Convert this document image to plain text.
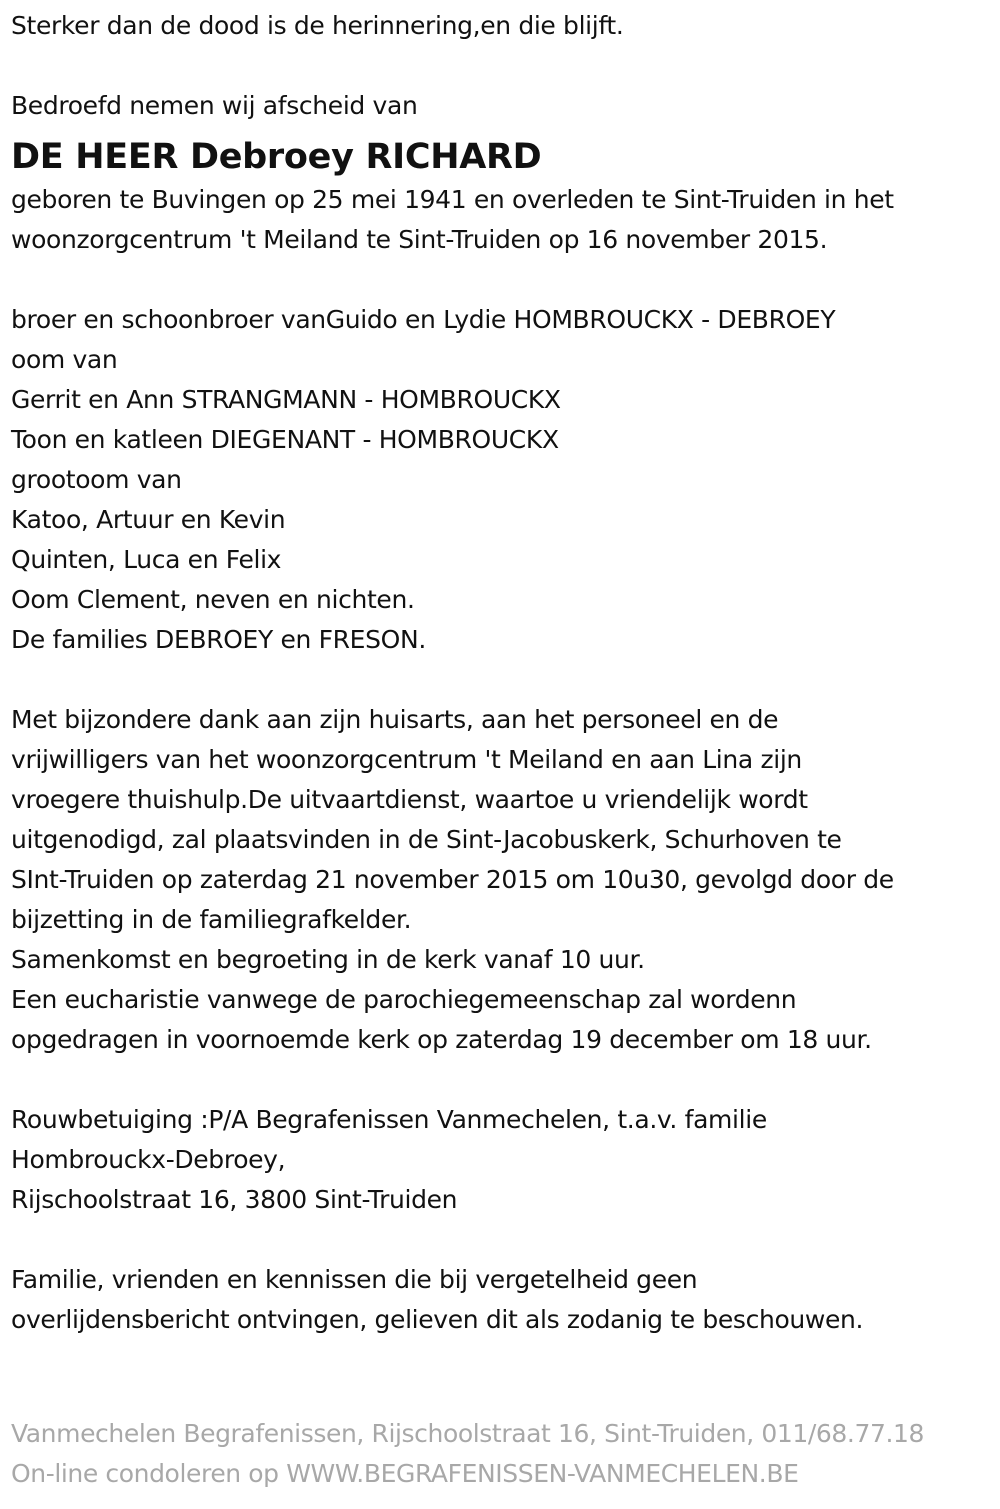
Sterker dan de dood is de herinnering,en die blijft.
Bedroefd nemen wij afscheid van
DE HEER Debroey RICHARD
geboren te Buvingen op 25 mei 1941 en overleden te Sint-Truiden in het
woonzorgcentrum 't Meiland te Sint-Truiden op 16 november 2015.
broer en schoonbroer vanGuido en Lydie HOMBROUCKX - DEBROEY
oom van
Gerrit en Ann STRANGMANN - HOMBROUCKX
Toon en katleen DIEGENANT - HOMBROUCKX
grootoom van
Katoo, Artuur en Kevin
Quinten, Luca en Felix
Oom Clement, neven en nichten.
De families DEBROEY en FRESON.
Met bijzondere dank aan zijn huisarts, aan het personeel en de
vrijwilligers van het woonzorgcentrum 't Meiland en aan Lina zijn
vroegere thuishulp.De uitvaartdienst, waartoe u vriendelijk wordt
uitgenodigd, zal plaatsvinden in de Sint-Jacobuskerk, Schurhoven te
SInt-Truiden op zaterdag 21 november 2015 om 10u30, gevolgd door de
bijzetting in de familiegrafkelder.
Samenkomst en begroeting in de kerk vanaf 10 uur.
Een eucharistie vanwege de parochiegemeenschap zal wordenn
opgedragen in voornoemde kerk op zaterdag 19 december om 18 uur.
Rouwbetuiging :P/A Begrafenissen Vanmechelen, t.a.v. familie
Hombrouckx-Debroey,
Rijschoolstraat 16, 3800 Sint-Truiden
Familie, vrienden en kennissen die bij vergetelheid geen
overlijdensbericht ontvingen, gelieven dit als zodanig te beschouwen.
Vanmechelen Begrafenissen, Rijschoolstraat 16, Sint-Truiden, 011/68.77.18
On-line condoleren op WWW.BEGRAFENISSEN-VANMECHELEN.BE
